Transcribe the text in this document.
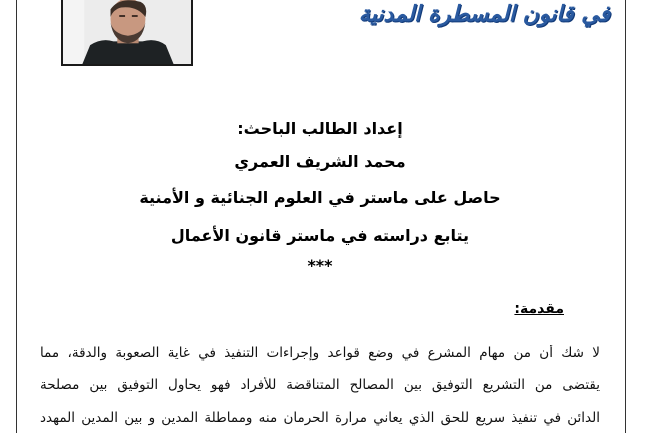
في قانون المسطرة المدنية
إعداد الطالب الباحث:
محمد الشريف العمري
حاصل على ماستر في العلوم الجنائية و الأمنية
يتابع دراسته في ماستر قانون الأعمال
***
مقدمة:
لا شك أن من مهام المشرع في وضع قواعد وإجراءات التنفيذ في غاية الصعوبة والدقة، مما
يقتضى من التشريع التوفيق بين المصالح المتناقضة للأفراد فهو يحاول التوفيق بين مصلحة
الدائن في تنفيذ سريع للحق الذي يعاني مرارة الحرمان منه ومماطلة المدين و بين المدين المهدد
